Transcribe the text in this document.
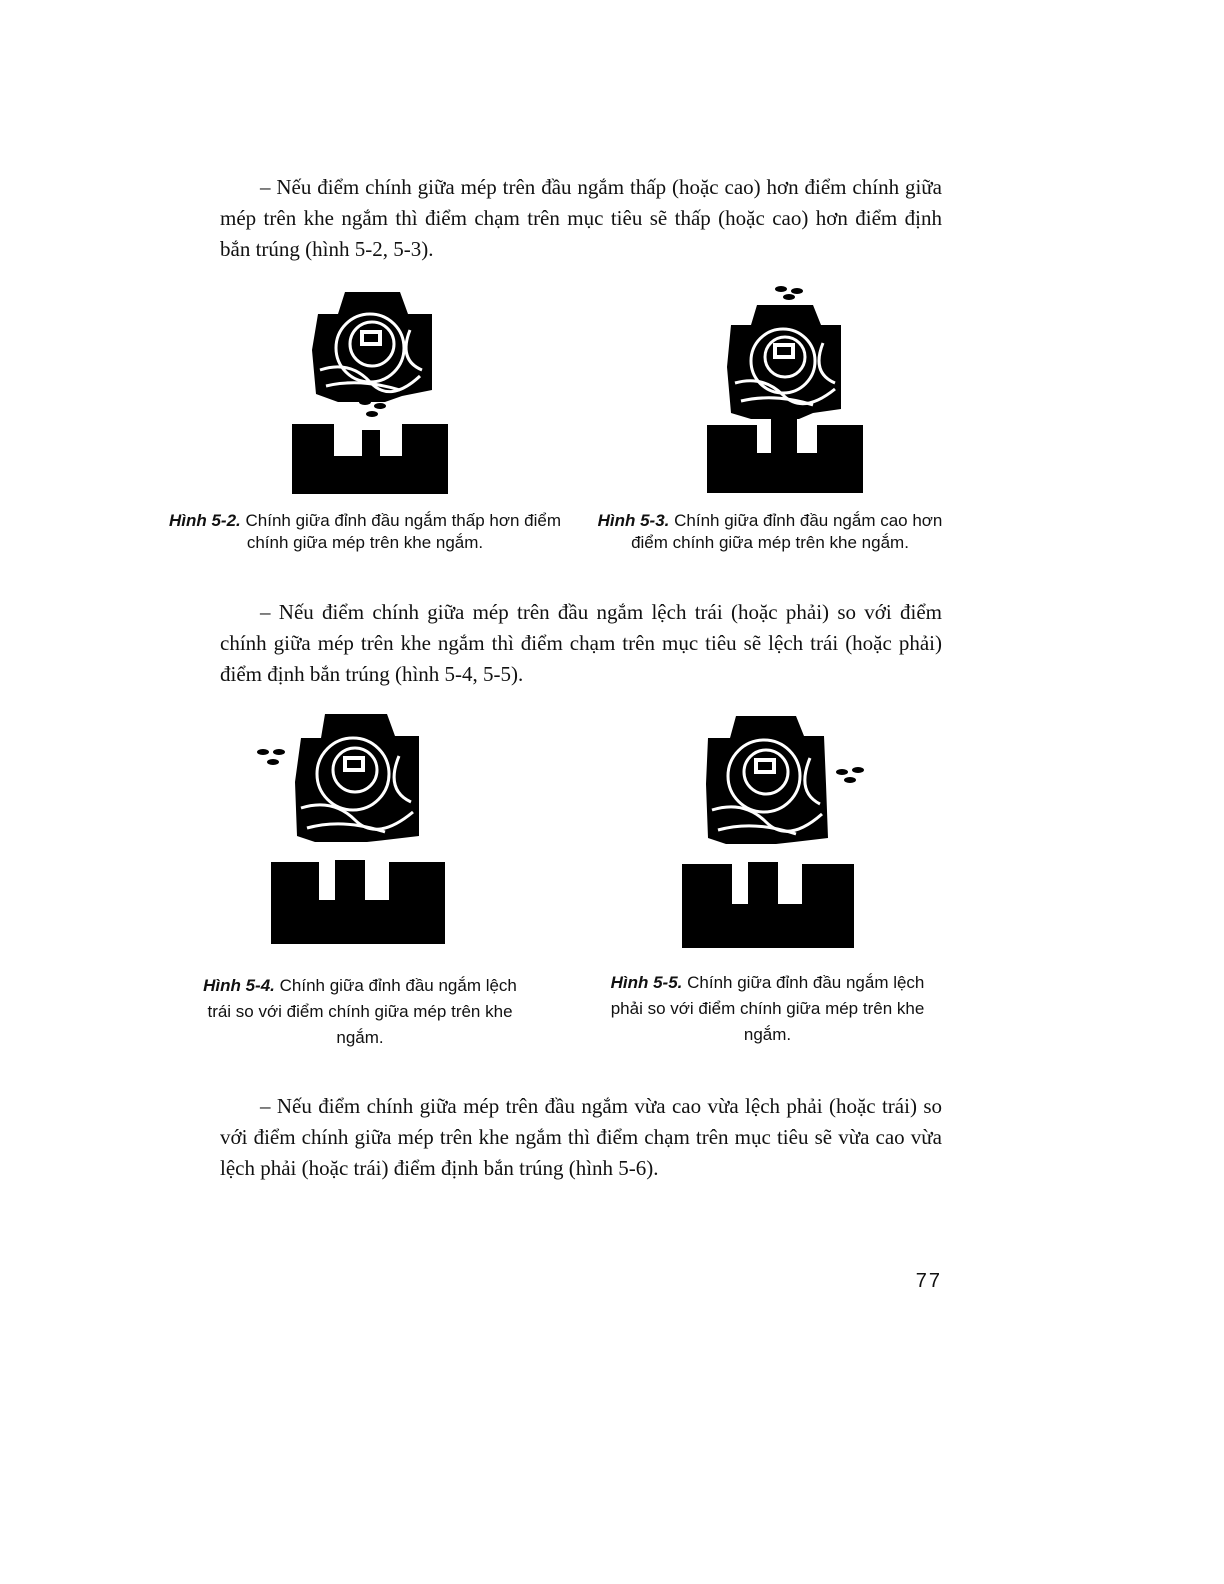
– Nếu điểm chính giữa mép trên đầu ngắm thấp (hoặc cao) hơn điểm chính giữa mép trên khe ngắm thì điểm chạm trên mục tiêu sẽ thấp (hoặc cao) hơn điểm định bắn trúng (hình 5-2, 5-3).

Hình 5-2. Chính giữa đỉnh đầu ngắm thấp hơn điểm chính giữa mép trên khe ngắm.
Hình 5-3. Chính giữa đỉnh đầu ngắm cao hơn điểm chính giữa mép trên khe ngắm.

– Nếu điểm chính giữa mép trên đầu ngắm lệch trái (hoặc phải) so với điểm chính giữa mép trên khe ngắm thì điểm chạm trên mục tiêu sẽ lệch trái (hoặc phải) điểm định bắn trúng (hình 5-4, 5-5).

Hình 5-4. Chính giữa đỉnh đầu ngắm lệch trái so với điểm chính giữa mép trên khe ngắm.
Hình 5-5. Chính giữa đỉnh đầu ngắm lệch phải so với điểm chính giữa mép trên khe ngắm.

– Nếu điểm chính giữa mép trên đầu ngắm vừa cao vừa lệch phải (hoặc trái) so với điểm chính giữa mép trên khe ngắm thì điểm chạm trên mục tiêu sẽ vừa cao vừa lệch phải (hoặc trái) điểm định bắn trúng (hình 5-6).

77
